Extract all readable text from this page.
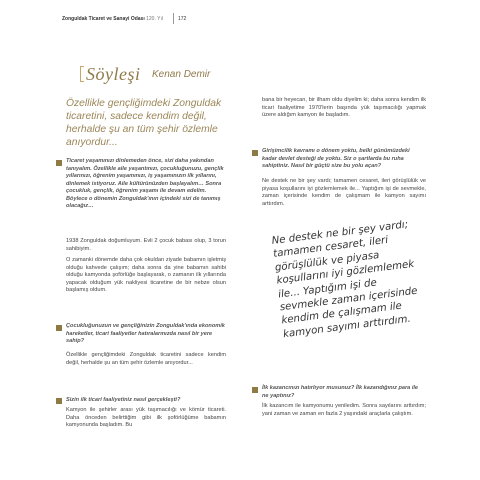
Zonguldak Ticaret ve Sanayi Odası 120. Yıl	172
Söyleşi Kenan Demir
Özellikle gençliğimdeki Zonguldak ticaretini, sadece kendim değil, herhalde şu an tüm şehir özlemle anıyordur...
Ticaret yaşamınızı dinlemeden önce, sizi daha yakından tanıyalım. Özellikle aile yaşantınızı, çocukluğunuzu, gençlik yıllarınızı, öğrenim yaşamınızı, iş yaşamınızın ilk yıllarını, dinlemek istiyoruz. Aile kültürünüzden başlayalım… Sonra çocukluk, gençlik, öğrenim yaşamı ile devam edelim. Böylece o dönemin Zonguldak'ının içindeki sizi de tanımış olacağız…
1938 Zonguldak doğumluyum. Evli 2 çocuk babası olup, 3 torun sahibiyim.
O zamanki dönemde daha çok okuldan ziyade babamın işletmiş olduğu kahvede çalışım; daha sonra da yine babamın sahibi olduğu kamyonda şoförlüğe başlayarak, o zamanın ilk yıllarında yapacak olduğum yük nakliyesi ticaretine de bir nebze olsun başlamış oldum.
Çocukluğunuzun ve gençliğinizin Zonguldak'ında ekonomik hareketler, ticari faaliyetler hatıralarınızda nasıl bir yere sahip?
Özellikle gençliğimdeki Zonguldak ticaretini sadece kendim değil, herhalde şu an tüm şehir özlemle anıyordur...
Sizin ilk ticari faaliyetiniz nasıl gerçekleşti?
Kamyon ile şehirler arası yük taşımacılığı ve kömür ticareti. Daha önceden belirttiğim gibi ilk şoförlüğüme babamın kamyonunda başladım. Bu
bana bir heyecan, bir ilham oldu diyelim ki; daha sonra kendim ilk ticari faaliyetime 1970'lerin başında yük taşımacılığı yapmak üzere aldığım kamyon ile başladım.
Girişimcilik kavramı o dönem yoktu, belki günümüzdeki kadar devlet desteği de yoktu. Siz o şartlarda bu ruha sahiptiniz. Nasıl bir güçtü size bu yolu açan?
Ne destek ne bir şey vardı; tamamen cesaret, ileri görüşlülük ve piyasa koşullarını iyi gözlemlemek ile... Yaptığım işi de sevmekle, zaman içerisinde kendim de çalışmam ile kamyon sayımı arttırdım.
Ne destek ne bir şey vardı; tamamen cesaret, ileri görüşlülük ve piyasa koşullarını iyi gözlemlemek ile... Yaptığım işi de sevmekle zaman içerisinde kendim de çalışmam ile kamyon sayımı arttırdım.
İlk kazancınızı hatırlıyor musunuz? İlk kazandığınız para ile ne yaptınız?
İlk kazancım ile kamyonumu yeniledim. Sonra sayılarını arttırdım; yani zaman ve zaman en fazla 2 yaşındaki araçlarla çalıştım.
